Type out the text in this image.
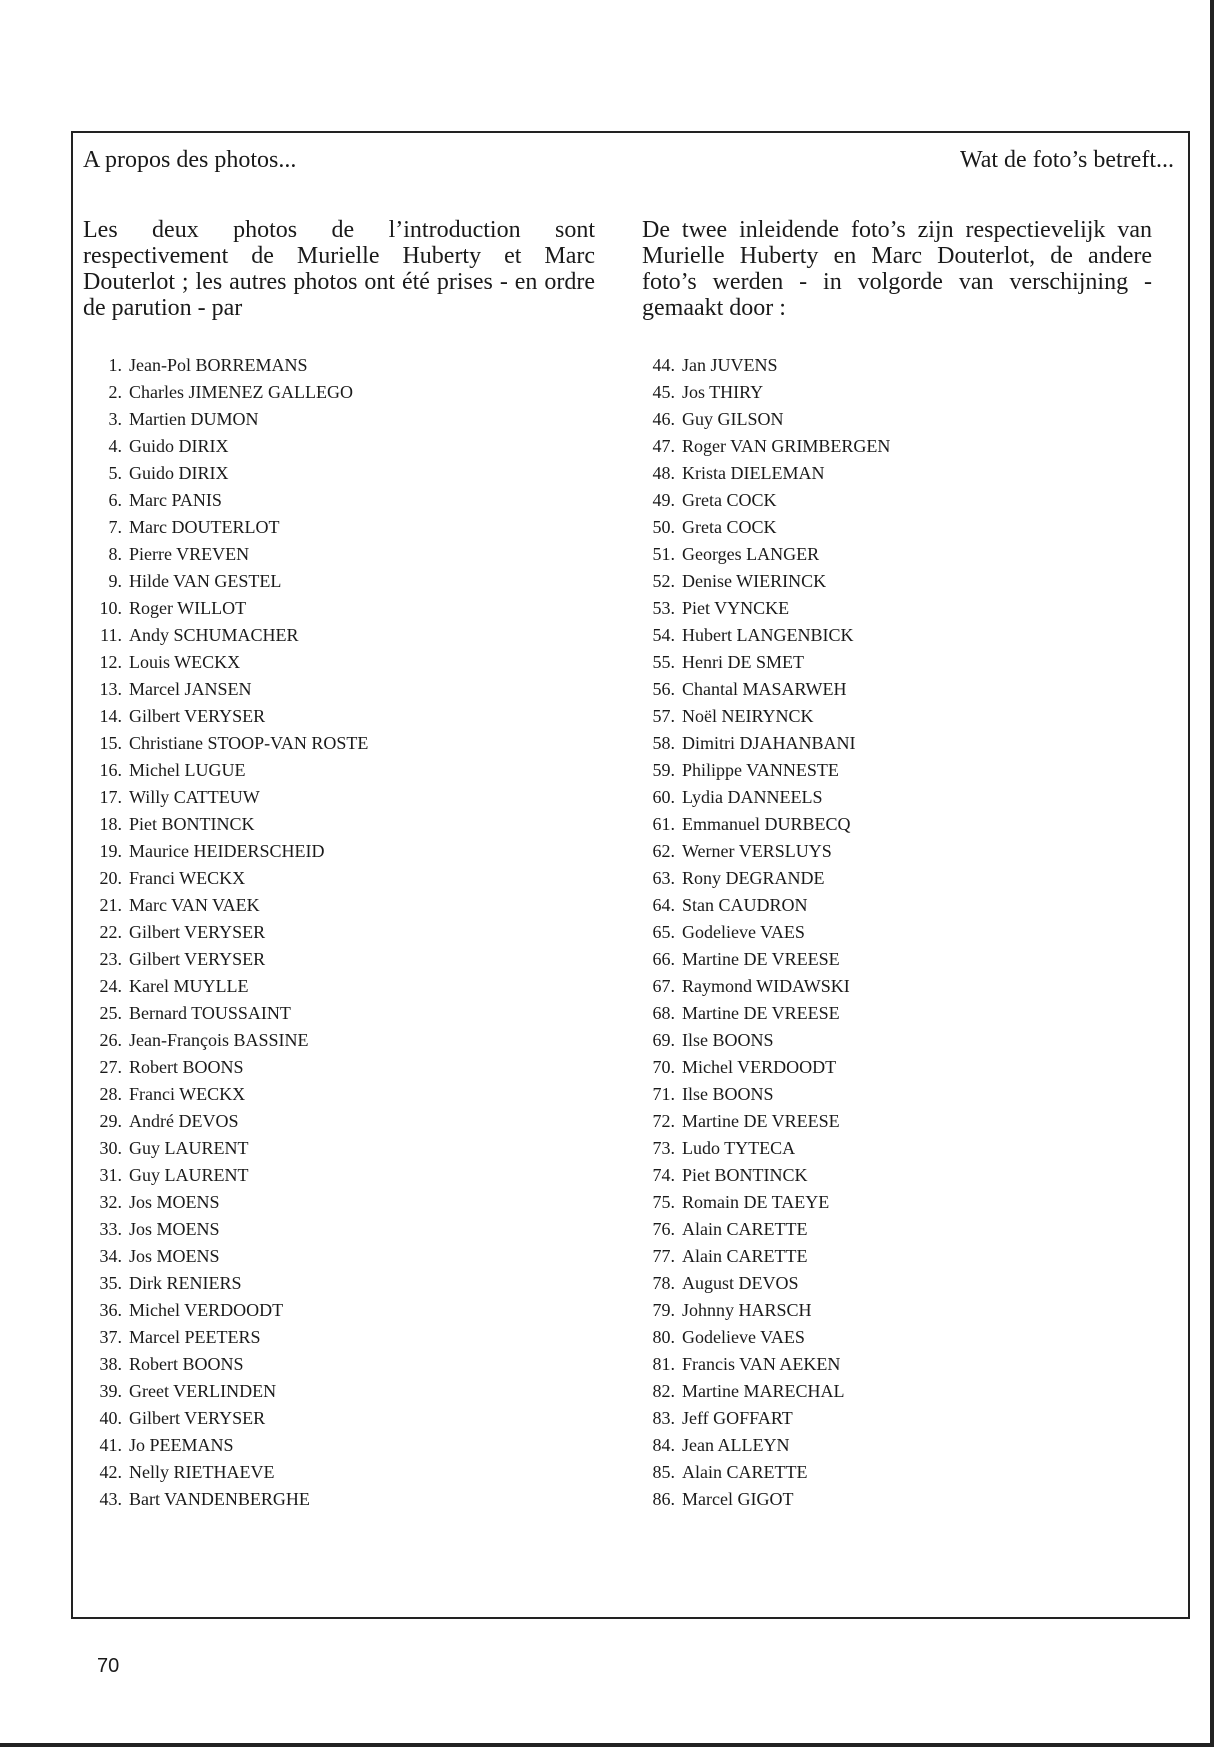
A propos des photos...	Wat de foto’s betreft...

Les deux photos de l’introduction sont respectivement de Murielle Huberty et Marc Douterlot ; les autres photos ont été prises - en ordre de parution - par

De twee inleidende foto’s zijn respectievelijk van Murielle Huberty en Marc Douterlot, de andere foto’s werden - in volgorde van verschijning - gemaakt door :

1. Jean-Pol BORREMANS
2. Charles JIMENEZ GALLEGO
3. Martien DUMON
4. Guido DIRIX
5. Guido DIRIX
6. Marc PANIS
7. Marc DOUTERLOT
8. Pierre VREVEN
9. Hilde VAN GESTEL
10. Roger WILLOT
11. Andy SCHUMACHER
12. Louis WECKX
13. Marcel JANSEN
14. Gilbert VERYSER
15. Christiane STOOP-VAN ROSTE
16. Michel LUGUE
17. Willy CATTEUW
18. Piet BONTINCK
19. Maurice HEIDERSCHEID
20. Franci WECKX
21. Marc VAN VAEK
22. Gilbert VERYSER
23. Gilbert VERYSER
24. Karel MUYLLE
25. Bernard TOUSSAINT
26. Jean-François BASSINE
27. Robert BOONS
28. Franci WECKX
29. André DEVOS
30. Guy LAURENT
31. Guy LAURENT
32. Jos MOENS
33. Jos MOENS
34. Jos MOENS
35. Dirk RENIERS
36. Michel VERDOODT
37. Marcel PEETERS
38. Robert BOONS
39. Greet VERLINDEN
40. Gilbert VERYSER
41. Jo PEEMANS
42. Nelly RIETHAEVE
43. Bart VANDENBERGHE
44. Jan JUVENS
45. Jos THIRY
46. Guy GILSON
47. Roger VAN GRIMBERGEN
48. Krista DIELEMAN
49. Greta COCK
50. Greta COCK
51. Georges LANGER
52. Denise WIERINCK
53. Piet VYNCKE
54. Hubert LANGENBICK
55. Henri DE SMET
56. Chantal MASARWEH
57. Noël NEIRYNCK
58. Dimitri DJAHANBANI
59. Philippe VANNESTE
60. Lydia DANNEELS
61. Emmanuel DURBECQ
62. Werner VERSLUYS
63. Rony DEGRANDE
64. Stan CAUDRON
65. Godelieve VAES
66. Martine DE VREESE
67. Raymond WIDAWSKI
68. Martine DE VREESE
69. Ilse BOONS
70. Michel VERDOODT
71. Ilse BOONS
72. Martine DE VREESE
73. Ludo TYTECA
74. Piet BONTINCK
75. Romain DE TAEYE
76. Alain CARETTE
77. Alain CARETTE
78. August DEVOS
79. Johnny HARSCH
80. Godelieve VAES
81. Francis VAN AEKEN
82. Martine MARECHAL
83. Jeff GOFFART
84. Jean ALLEYN
85. Alain CARETTE
86. Marcel GIGOT
70
